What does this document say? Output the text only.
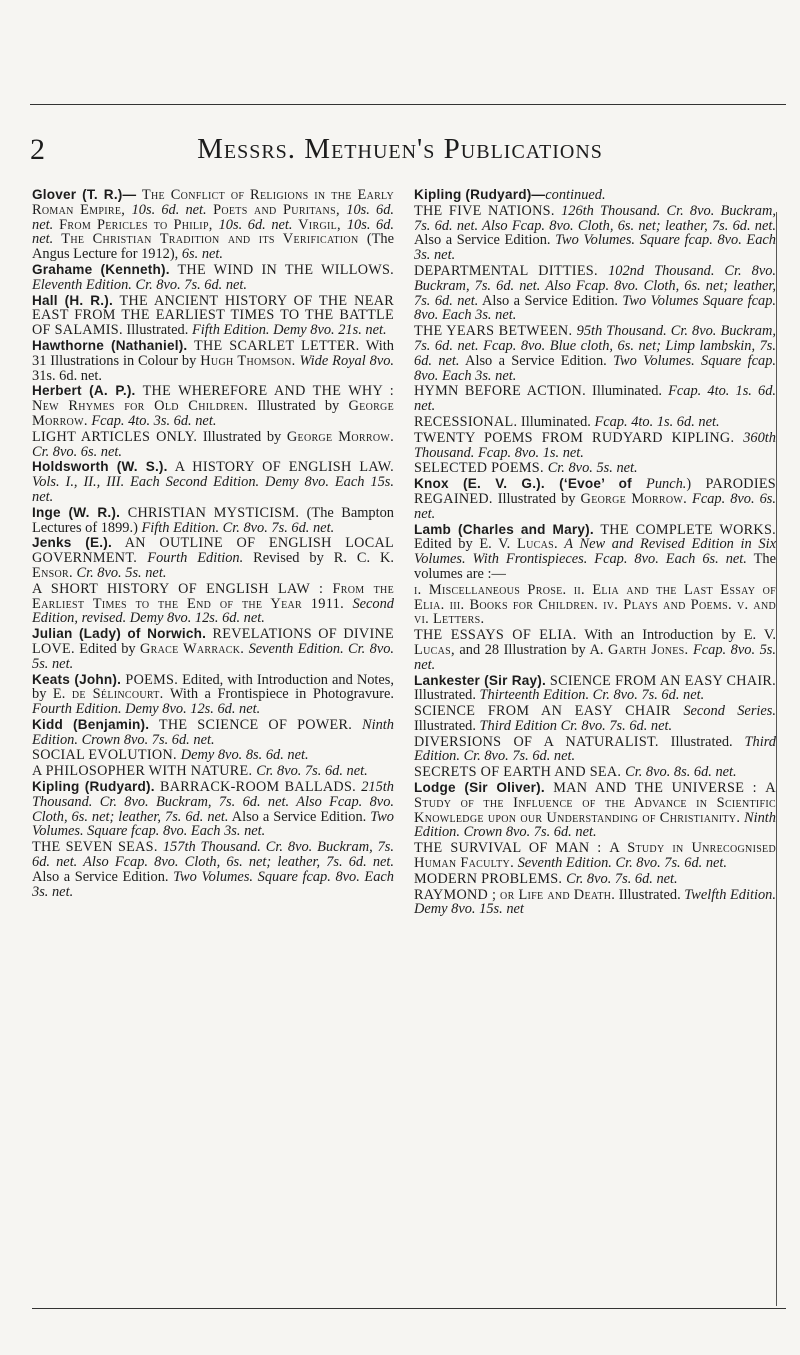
2	Messrs. Methuen's Publications
Glover (T. R.)— The Conflict of Religions in the Early Roman Empire, 10s. 6d. net. Poets and Puritans, 10s. 6d. net. From Pericles to Philip, 10s. 6d. net. Virgil, 10s. 6d. net. The Christian Tradition and its Verification (The Angus Lecture for 1912), 6s. net.
Grahame (Kenneth). THE WIND IN THE WILLOWS. Eleventh Edition. Cr. 8vo. 7s. 6d. net.
Hall (H. R.). THE ANCIENT HISTORY OF THE NEAR EAST FROM THE EARLIEST TIMES TO THE BATTLE OF SALAMIS. Illustrated. Fifth Edition. Demy 8vo. 21s. net.
Hawthorne (Nathaniel). THE SCARLET LETTER. With 31 Illustrations in Colour by Hugh Thomson. Wide Royal 8vo. 31s. 6d. net.
Herbert (A. P.). THE WHEREFORE AND THE WHY : New Rhymes for Old Children. Illustrated by George Morrow. Fcap. 4to. 3s. 6d. net.
LIGHT ARTICLES ONLY. Illustrated by George Morrow. Cr. 8vo. 6s. net.
Holdsworth (W. S.). A HISTORY OF ENGLISH LAW. Vols. I., II., III. Each Second Edition. Demy 8vo. Each 15s. net.
Inge (W. R.). CHRISTIAN MYSTICISM. (The Bampton Lectures of 1899.) Fifth Edition. Cr. 8vo. 7s. 6d. net.
Jenks (E.). AN OUTLINE OF ENGLISH LOCAL GOVERNMENT. Fourth Edition. Revised by R. C. K. Ensor. Cr. 8vo. 5s. net.
A SHORT HISTORY OF ENGLISH LAW : From the Earliest Times to the End of the Year 1911. Second Edition, revised. Demy 8vo. 12s. 6d. net.
Julian (Lady) of Norwich. REVELATIONS OF DIVINE LOVE. Edited by Grace Warrack. Seventh Edition. Cr. 8vo. 5s. net.
Keats (John). POEMS. Edited, with Introduction and Notes, by E. de Sélincourt. With a Frontispiece in Photogravure. Fourth Edition. Demy 8vo. 12s. 6d. net.
Kidd (Benjamin). THE SCIENCE OF POWER. Ninth Edition. Crown 8vo. 7s. 6d. net.
SOCIAL EVOLUTION. Demy 8vo. 8s. 6d. net.
A PHILOSOPHER WITH NATURE. Cr. 8vo. 7s. 6d. net.
Kipling (Rudyard). BARRACK-ROOM BALLADS. 215th Thousand. Cr. 8vo. Buckram, 7s. 6d. net. Also Fcap. 8vo. Cloth, 6s. net; leather, 7s. 6d. net. Also a Service Edition. Two Volumes. Square fcap. 8vo. Each 3s. net.
THE SEVEN SEAS. 157th Thousand. Cr. 8vo. Buckram, 7s. 6d. net. Also Fcap. 8vo. Cloth, 6s. net; leather, 7s. 6d. net. Also a Service Edition. Two Volumes. Square fcap. 8vo. Each 3s. net.
Kipling (Rudyard)—continued.
THE FIVE NATIONS. 126th Thousand. Cr. 8vo. Buckram, 7s. 6d. net. Also Fcap. 8vo. Cloth, 6s. net; leather, 7s. 6d. net. Also a Service Edition. Two Volumes. Square fcap. 8vo. Each 3s. net.
DEPARTMENTAL DITTIES. 102nd Thousand. Cr. 8vo. Buckram, 7s. 6d. net. Also Fcap. 8vo. Cloth, 6s. net; leather, 7s. 6d. net. Also a Service Edition. Two Volumes Square fcap. 8vo. Each 3s. net.
THE YEARS BETWEEN. 95th Thousand. Cr. 8vo. Buckram, 7s. 6d. net. Fcap. 8vo. Blue cloth, 6s. net; Limp lambskin, 7s. 6d. net. Also a Service Edition. Two Volumes. Square fcap. 8vo. Each 3s. net.
HYMN BEFORE ACTION. Illuminated. Fcap. 4to. 1s. 6d. net.
RECESSIONAL. Illuminated. Fcap. 4to. 1s. 6d. net.
TWENTY POEMS FROM RUDYARD KIPLING. 360th Thousand. Fcap. 8vo. 1s. net.
SELECTED POEMS. Cr. 8vo. 5s. net.
Knox (E. V. G.). (‘Evoe’ of Punch.) PARODIES REGAINED. Illustrated by George Morrow. Fcap. 8vo. 6s. net.
Lamb (Charles and Mary). THE COMPLETE WORKS. Edited by E. V. Lucas. A New and Revised Edition in Six Volumes. With Frontispieces. Fcap. 8vo. Each 6s. net. The volumes are :—
i. Miscellaneous Prose. ii. Elia and the Last Essay of Elia. iii. Books for Children. iv. Plays and Poems. v. and vi. Letters.
THE ESSAYS OF ELIA. With an Introduction by E. V. Lucas, and 28 Illustration by A. Garth Jones. Fcap. 8vo. 5s. net.
Lankester (Sir Ray). SCIENCE FROM AN EASY CHAIR. Illustrated. Thirteenth Edition. Cr. 8vo. 7s. 6d. net.
SCIENCE FROM AN EASY CHAIR Second Series. Illustrated. Third Edition Cr. 8vo. 7s. 6d. net.
DIVERSIONS OF A NATURALIST. Illustrated. Third Edition. Cr. 8vo. 7s. 6d. net.
SECRETS OF EARTH AND SEA. Cr. 8vo. 8s. 6d. net.
Lodge (Sir Oliver). MAN AND THE UNIVERSE : A Study of the Influence of the Advance in Scientific Knowledge upon our Understanding of Christianity. Ninth Edition. Crown 8vo. 7s. 6d. net.
THE SURVIVAL OF MAN : A Study in Unrecognised Human Faculty. Seventh Edition. Cr. 8vo. 7s. 6d. net.
MODERN PROBLEMS. Cr. 8vo. 7s. 6d. net.
RAYMOND ; or Life and Death. Illustrated. Twelfth Edition. Demy 8vo. 15s. net
